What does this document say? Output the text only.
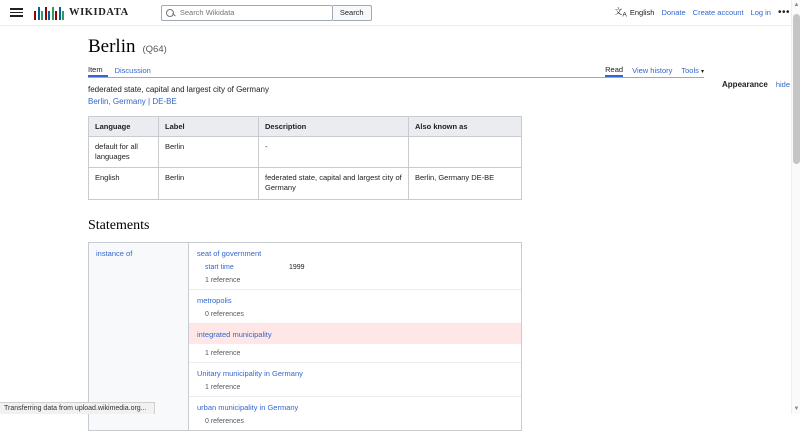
WIKIDATA
Search Wikidata	Search	文$_A$ English Donate Create account Log in •••
Berlin (Q64)
Item	Discussion	Read View history Tools ▾
federated state, capital and largest city of Germany
Berlin, Germany | DE-BE
Language	Label	Description	Also known as
default for all languages	Berlin	-	
English	Berlin	federated state, capital and largest city of Germany	Berlin, Germany DE-BE
Statements
instance of	seat of government
start time	1999
1 reference
metropolis
0 references
integrated municipality
1 reference
Unitary municipality in Germany
1 reference
urban municipality in Germany
0 references
Appearance hide
Transferring data from upload.wikimedia.org...
▲
▼
